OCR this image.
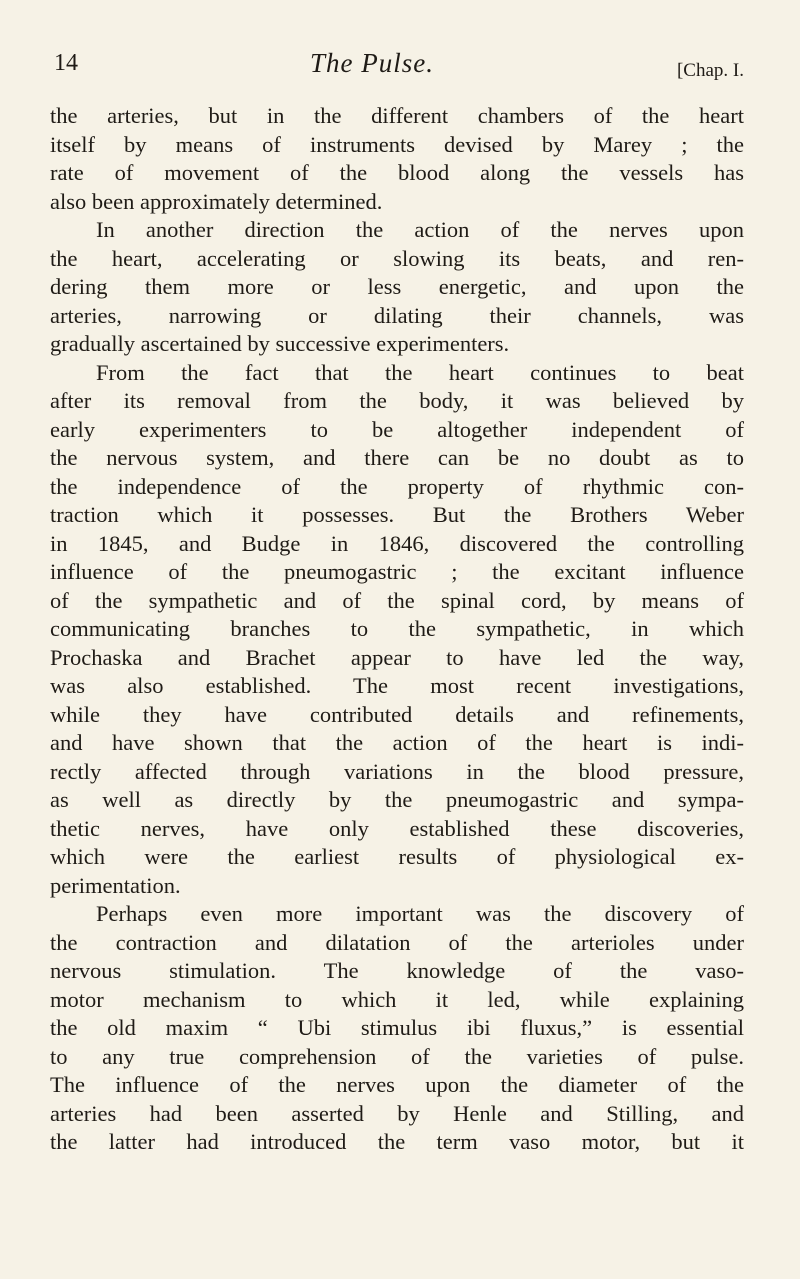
14	The Pulse.	[Chap. I.
the arteries, but in the different chambers of the heart
itself by means of instruments devised by Marey ; the
rate of movement of the blood along the vessels has
also been approximately determined.
In another direction the action of the nerves upon
the heart, accelerating or slowing its beats, and ren-
dering them more or less energetic, and upon the
arteries, narrowing or dilating their channels, was
gradually ascertained by successive experimenters.
From the fact that the heart continues to beat
after its removal from the body, it was believed by
early experimenters to be altogether independent of
the nervous system, and there can be no doubt as to
the independence of the property of rhythmic con-
traction which it possesses. But the Brothers Weber
in 1845, and Budge in 1846, discovered the controlling
influence of the pneumogastric ; the excitant influence
of the sympathetic and of the spinal cord, by means of
communicating branches to the sympathetic, in which
Prochaska and Brachet appear to have led the way,
was also established. The most recent investigations,
while they have contributed details and refinements,
and have shown that the action of the heart is indi-
rectly affected through variations in the blood pressure,
as well as directly by the pneumogastric and sympa-
thetic nerves, have only established these discoveries,
which were the earliest results of physiological ex-
perimentation.
Perhaps even more important was the discovery of
the contraction and dilatation of the arterioles under
nervous stimulation. The knowledge of the vaso-
motor mechanism to which it led, while explaining
the old maxim “ Ubi stimulus ibi fluxus,” is essential
to any true comprehension of the varieties of pulse.
The influence of the nerves upon the diameter of the
arteries had been asserted by Henle and Stilling, and
the latter had introduced the term vaso motor, but it
